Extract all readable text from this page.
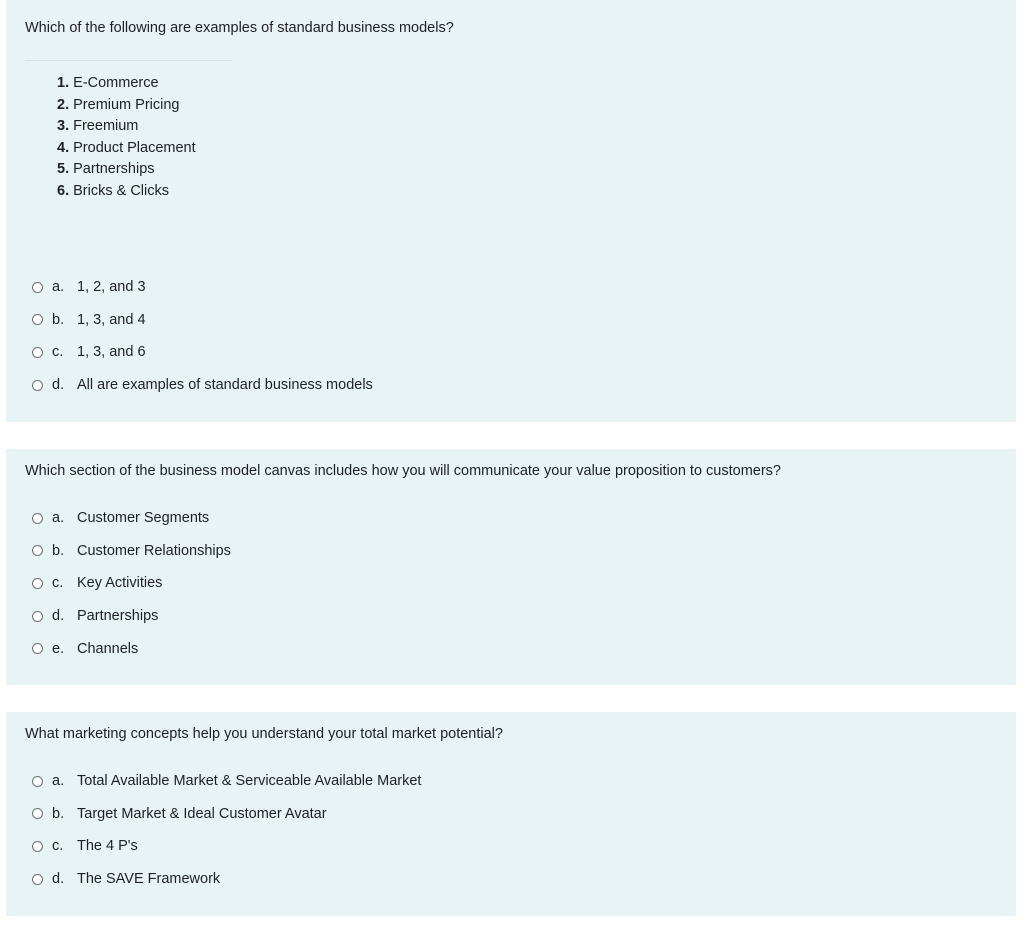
Which of the following are examples of standard business models?

1. E-Commerce
2. Premium Pricing
3. Freemium
4. Product Placement
5. Partnerships
6. Bricks & Clicks
a. 1, 2, and 3
b. 1, 3, and 4
c. 1, 3, and 6
d. All are examples of standard business models

Which section of the business model canvas includes how you will communicate your value proposition to customers?

a. Customer Segments
b. Customer Relationships
c. Key Activities
d. Partnerships
e. Channels

What marketing concepts help you understand your total market potential?

a. Total Available Market & Serviceable Available Market
b. Target Market & Ideal Customer Avatar
c. The 4 P's
d. The SAVE Framework
